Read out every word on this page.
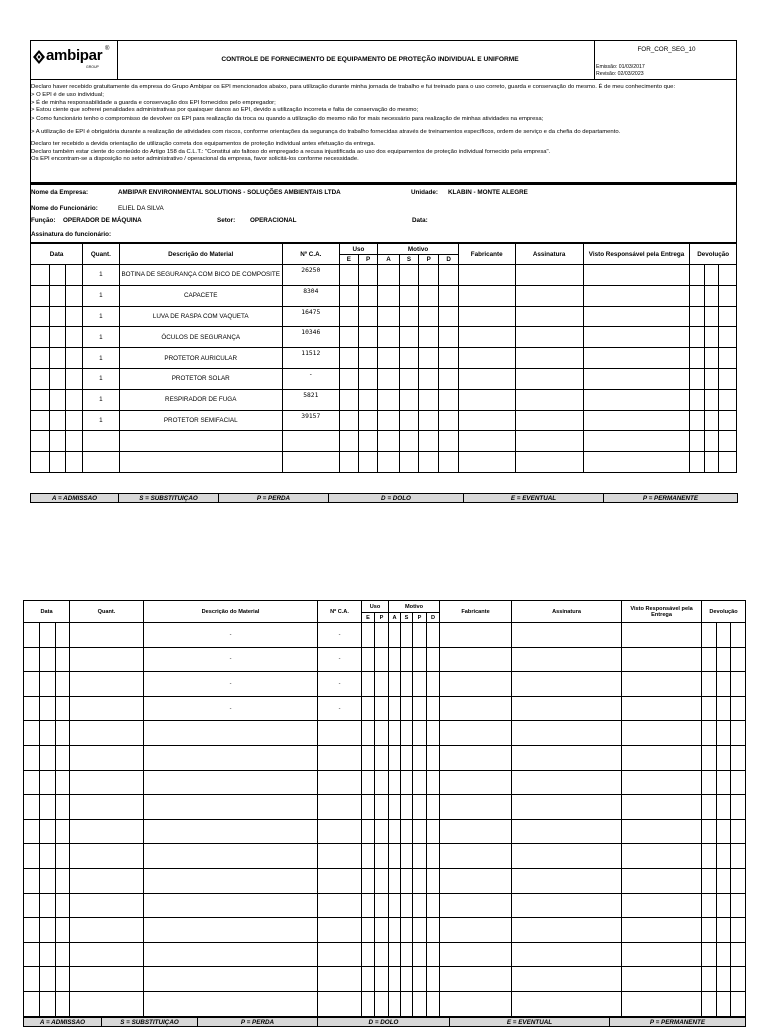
ambipar ®
GROUP
CONTROLE DE FORNECIMENTO DE EQUIPAMENTO DE PROTEÇÃO INDIVIDUAL E UNIFORME
FOR_COR_SEG_10
Emissão: 01/03/2017
Revisão: 02/03/2023

Declaro haver recebido gratuitamente da empresa do Grupo Ambipar os EPI mencionados abaixo, para utilização durante minha jornada de trabalho e fui treinado para o uso correto, guarda e conservação do mesmo. É de meu conhecimento que:

> O EPI é de uso individual;

> É de minha responsabilidade a guarda e conservação dos EPI fornecidos pelo empregador;

> Estou ciente que sofrerei penalidades administrativas por quaisquer danos ao EPI, devido a utilização incorreta e falta de conservação do mesmo;

> Como funcionário tenho o compromisso de devolver os EPI para realização da troca ou quando a utilização do mesmo não for mais necessário para realização de minhas atividades na empresa;

> A utilização de EPI é obrigatória durante a realização de atividades com riscos, conforme orientações da segurança do trabalho fornecidas através de treinamentos específicos, ordem de serviço e da chefia do departamento.

Declaro ter recebido a devida orientação de utilização correta dos equipamentos de proteção individual antes efetuação da entrega.

Declaro também estar ciente do conteúdo do Artigo 158 da C.L.T.: "Constitui ato faltoso do empregado a recusa injustificada ao uso dos equipamentos de proteção individual fornecido pela empresa".

Os EPI encontram-se a disposição no setor administrativo / operacional da empresa, favor solicitá-los conforme necessidade.

Nome da Empresa:	AMBIPAR ENVIRONMENTAL SOLUTIONS - SOLUÇÕES AMBIENTAIS LTDA	Unidade: KLABIN - MONTE ALEGRE
Nome do Funcionário:	ELIEL DA SILVA
Função: OPERADOR DE MÁQUINA	Setor: OPERACIONAL	Data:
Assinatura do funcionário:
Data			Quant.	Descrição do Material	Nº C.A.	Uso		Motivo				Fabricante	Assinatura	Visto Responsável pela Entrega	Devolução		
						E	P	A	S	P	D						
			1	BOTINA DE SEGURANÇA COM BICO DE COMPOSITE	26250												
			1	CAPACETE	8304												
			1	LUVA DE RASPA COM VAQUETA	16475												
			1	ÓCULOS DE SEGURANÇA	10346												
			1	PROTETOR AURICULAR	11512												
			1	PROTETOR SOLAR	-												
			1	RESPIRADOR DE FUGA	5821												
			1	PROTETOR SEMIFACIAL	39157												

A = ADMISSAO	S = SUBSTITUIÇAO	P = PERDA	D = DOLO	E = EVENTUAL	P = PERMANENTE
Data			Quant.	Descrição do Material	Nº C.A.	Uso		Motivo				Fabricante	Assinatura	Visto Responsável pela Entrega	Devolução		
						E	P	A	S	P	D						
				-	-												
				-	-												
				-	-												
				-	-												

A = ADMISSAO	S = SUBSTITUIÇAO	P = PERDA	D = DOLO	E = EVENTUAL	P = PERMANENTE
